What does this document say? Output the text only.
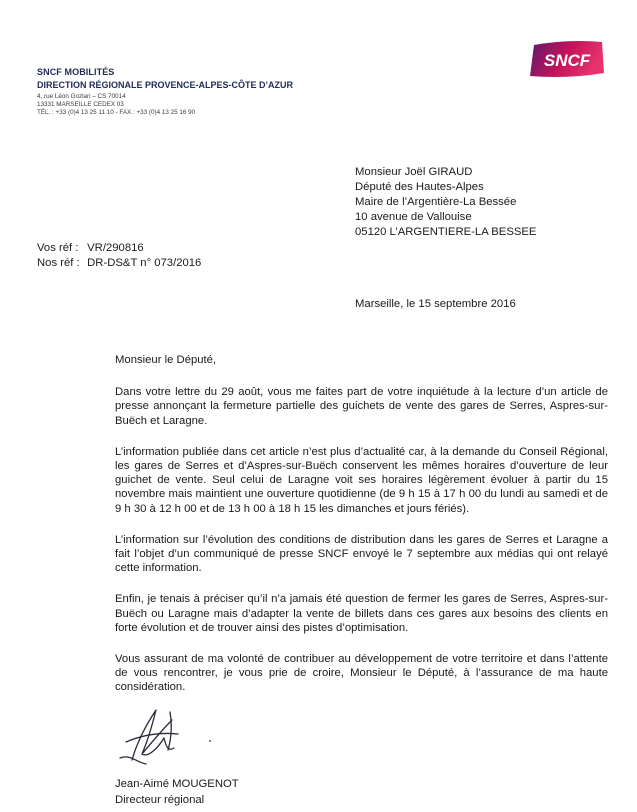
SNCF MOBILITÉS
DIRECTION RÉGIONALE PROVENCE-ALPES-CÔTE D’AZUR
4, rue Léon Gozlan – CS 70014
13331 MARSEILLE CEDEX 03
TÉL. : +33 (0)4 13 25 11 10 - FAX : +33 (0)4 13 25 16 90
SNCF
Monsieur Joël GIRAUD
Député des Hautes-Alpes
Maire de l’Argentière-La Bessée
10 avenue de Vallouise
05120 L’ARGENTIERE-LA BESSEE
Vos réf : VR/290816
Nos réf : DR-DS&T n° 073/2016
Marseille, le 15 septembre 2016

Monsieur le Député,

Dans votre lettre du 29 août, vous me faites part de votre inquiétude à la lecture d’un article de presse annonçant la fermeture partielle des guichets de vente des gares de Serres, Aspres-sur-Buëch et Laragne.

L’information publiée dans cet article n’est plus d’actualité car, à la demande du Conseil Régional, les gares de Serres et d’Aspres-sur-Buëch conservent les mêmes horaires d’ouverture de leur guichet de vente. Seul celui de Laragne voit ses horaires légèrement évoluer à partir du 15 novembre mais maintient une ouverture quotidienne (de 9 h 15 à 17 h 00 du lundi au samedi et de 9 h 30 à 12 h 00 et de 13 h 00 à 18 h 15 les dimanches et jours fériés).

L’information sur l’évolution des conditions de distribution dans les gares de Serres et Laragne a fait l’objet d’un communiqué de presse SNCF envoyé le 7 septembre aux médias qui ont relayé cette information.

Enfin, je tenais à préciser qu’il n’a jamais été question de fermer les gares de Serres, Aspres-sur-Buëch ou Laragne mais d’adapter la vente de billets dans ces gares aux besoins des clients en forte évolution et de trouver ainsi des pistes d’optimisation.

Vous assurant de ma volonté de contribuer au développement de votre territoire et dans l’attente de vous rencontrer, je vous prie de croire, Monsieur le Député, à l’assurance de ma haute considération.

Jean-Aimé MOUGENOT
Directeur régional
